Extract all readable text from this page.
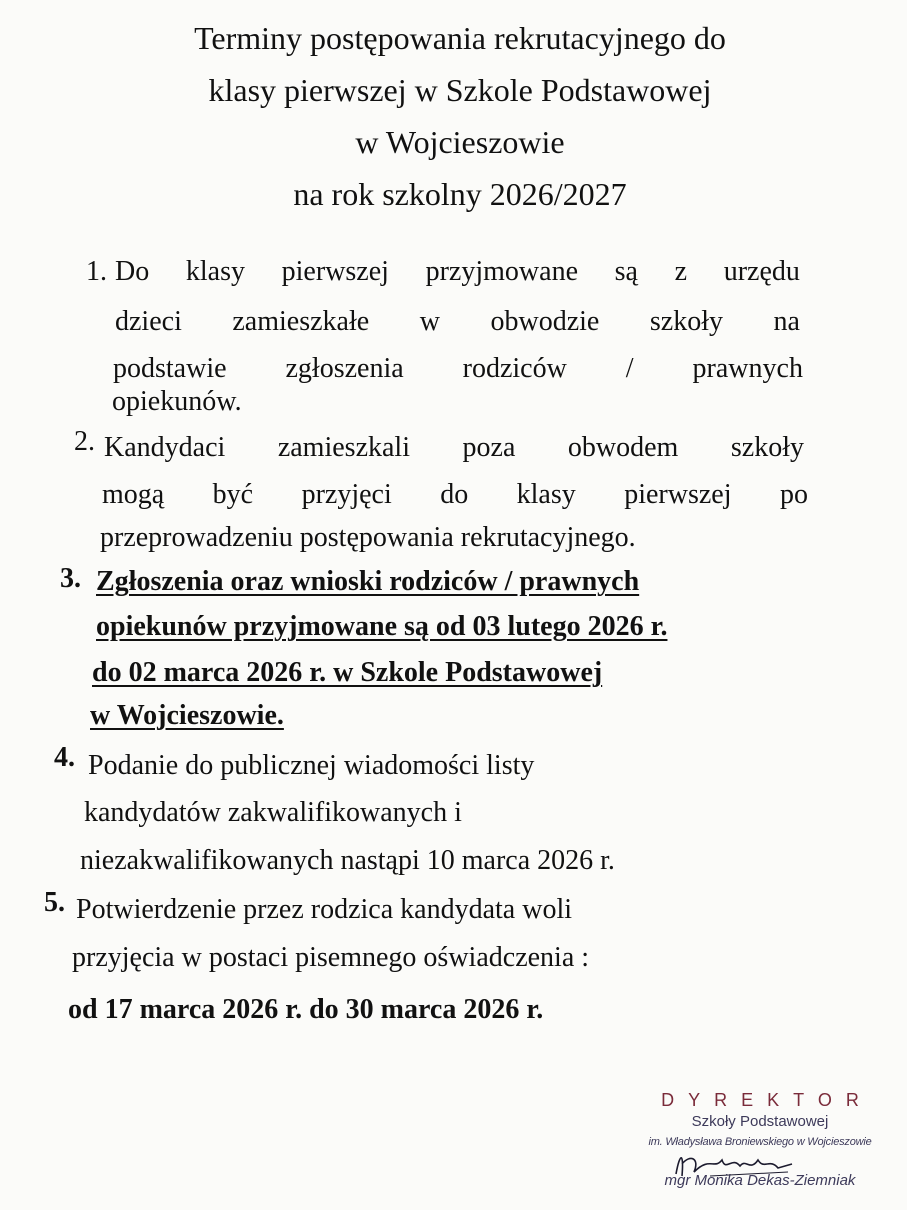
Terminy postępowania rekrutacyjnego do
klasy pierwszej w Szkole Podstawowej
w Wojcieszowie
na rok szkolny 2026/2027
1. Do klasy pierwszej przyjmowane są z urzędu
dzieci zamieszkałe w obwodzie szkoły na
podstawie zgłoszenia rodziców / prawnych
opiekunów.
2. Kandydaci zamieszkali poza obwodem szkoły
mogą być przyjęci do klasy pierwszej po
przeprowadzeniu postępowania rekrutacyjnego.
3. Zgłoszenia oraz wnioski rodziców / prawnych
opiekunów przyjmowane są od 03 lutego 2026 r.
do 02 marca 2026 r. w Szkole Podstawowej
w Wojcieszowie.
4. Podanie do publicznej wiadomości listy
kandydatów zakwalifikowanych i
niezakwalifikowanych nastąpi 10 marca 2026 r.
5. Potwierdzenie przez rodzica kandydata woli
przyjęcia w postaci pisemnego oświadczenia :
od 17 marca 2026 r. do 30 marca 2026 r.
DYREKTOR
Szkoły Podstawowej
im. Władysława Broniewskiego w Wojcieszowie
mgr Monika Dekas-Ziemniak
